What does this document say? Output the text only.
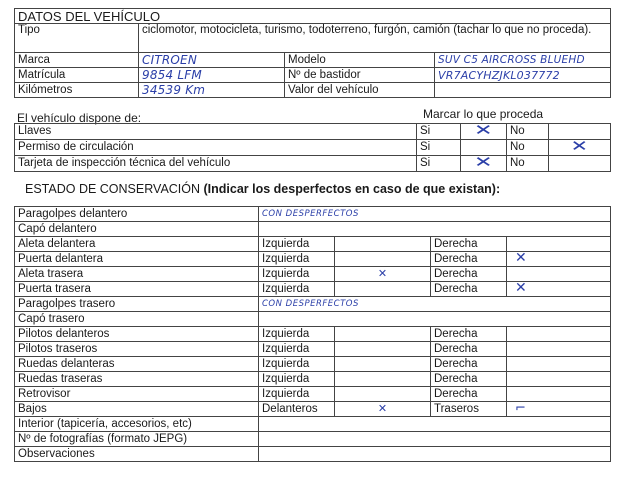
DATOS DEL VEHÍCULO			
Tipo	ciclomotor, motocicleta, turismo, todoterreno, furgón, camión (tachar lo que no proceda).		
Marca	CITROEN	Modelo	SUV C5 AIRCROSS BLUEHD
Matrícula	9854 LFM	Nº de bastidor	VR7ACYHZJKL037772
Kilómetros	34539 Km	Valor del vehículo	
El vehículo dispone de:	Marcar lo que proceda
Llaves	Si	✕	No	
Permiso de circulación	Si		No	✕
Tarjeta de inspección técnica del vehículo	Si	✕	No	
ESTADO DE CONSERVACIÓN (Indicar los desperfectos en caso de que existan):
Paragolpes delantero	CON DESPERFECTOS			
Capó delantero				
Aleta delantera	Izquierda		Derecha	
Puerta delantera	Izquierda		Derecha	✕
Aleta trasera	Izquierda	✕	Derecha	
Puerta trasera	Izquierda		Derecha	✕
Paragolpes trasero	CON DESPERFECTOS			
Capó trasero				
Pilotos delanteros	Izquierda		Derecha	
Pilotos traseros	Izquierda		Derecha	
Ruedas delanteras	Izquierda		Derecha	
Ruedas traseras	Izquierda		Derecha	
Retrovisor	Izquierda		Derecha	
Bajos	Delanteros	✕	Traseros	⌐
Interior (tapicería, accesorios, etc)				
Nº de fotografías (formato JEPG)				
Observaciones				
